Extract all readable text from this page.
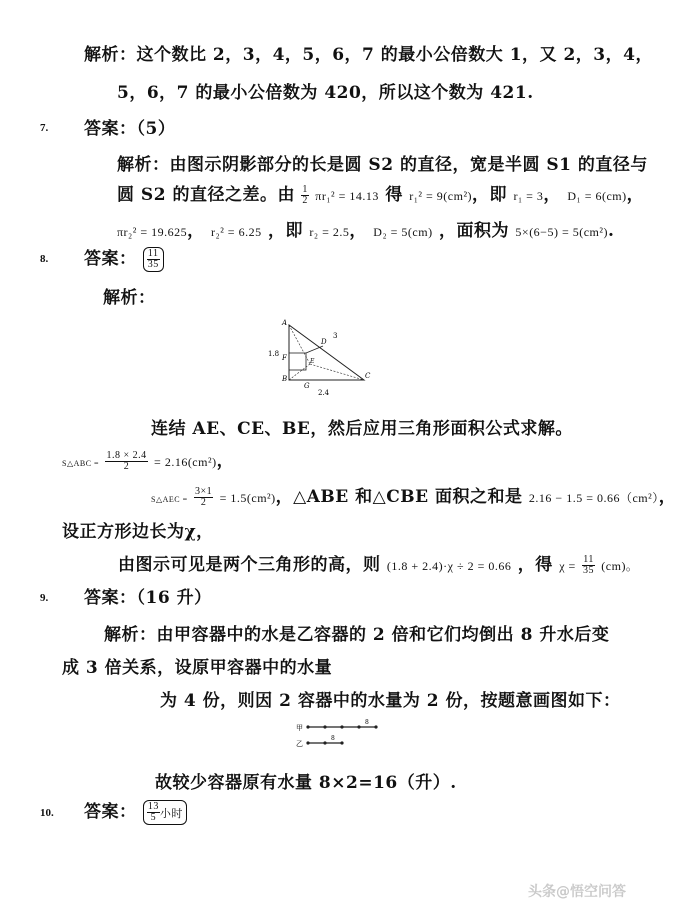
解析：这个数比 2，3，4，5，6，7 的最小公倍数大 1，又 2，3，4，
5，6，7 的最小公倍数为 420，所以这个数为 421.
7. 答案：（5）
解析：由图示阴影部分的长是圆 S2 的直径，宽是半圆 S1 的直径与
圆 S2 的直径之差。由 $\frac{1}{2} \pi r_1^2 = 14.13$ 得 r₁² = 9(cm²)，即 r₁ = 3， D₁ = 6(cm)，
πr₂² = 19.625， r₂² = 6.25 ，即 r₂ = 2.5， D₂ = 5(cm) ，面积为 5×(6−5) = 5(cm²).
8. 答案： $\frac{11}{35}$
解析：
A
B	C
D
E
F
G
1.8
2.4
3
连结 AE、CE、BE，然后应用三角形面积公式求解。
S△ABC = $\frac{1.8 \times 2.4}{2} = 2.16(cm^2)$，
S△AEC = $\frac{3\times 1}{2} = 1.5(cm^2)$，△ABE 和△CBE 面积之和是 2.16 − 1.5 = 0.66（cm²），
设正方形边长为χ，
由图示可见是两个三角形的高，则 (1.8 + 2.4)·χ ÷ 2 = 0.66 ，得 $\chi = \frac{11}{35} (cm)$。
9. 答案：（16 升）
解析：由甲容器中的水是乙容器的 2 倍和它们均倒出 8 升水后变
成 3 倍关系，设原甲容器中的水量
为 4 份，则因 2 容器中的水量为 2 份，按题意画图如下：
甲
乙
8
8
故较少容器原有水量 8×2=16（升）.
10. 答案： $\frac{13}{5}$ 小时
头条@悟空问答
